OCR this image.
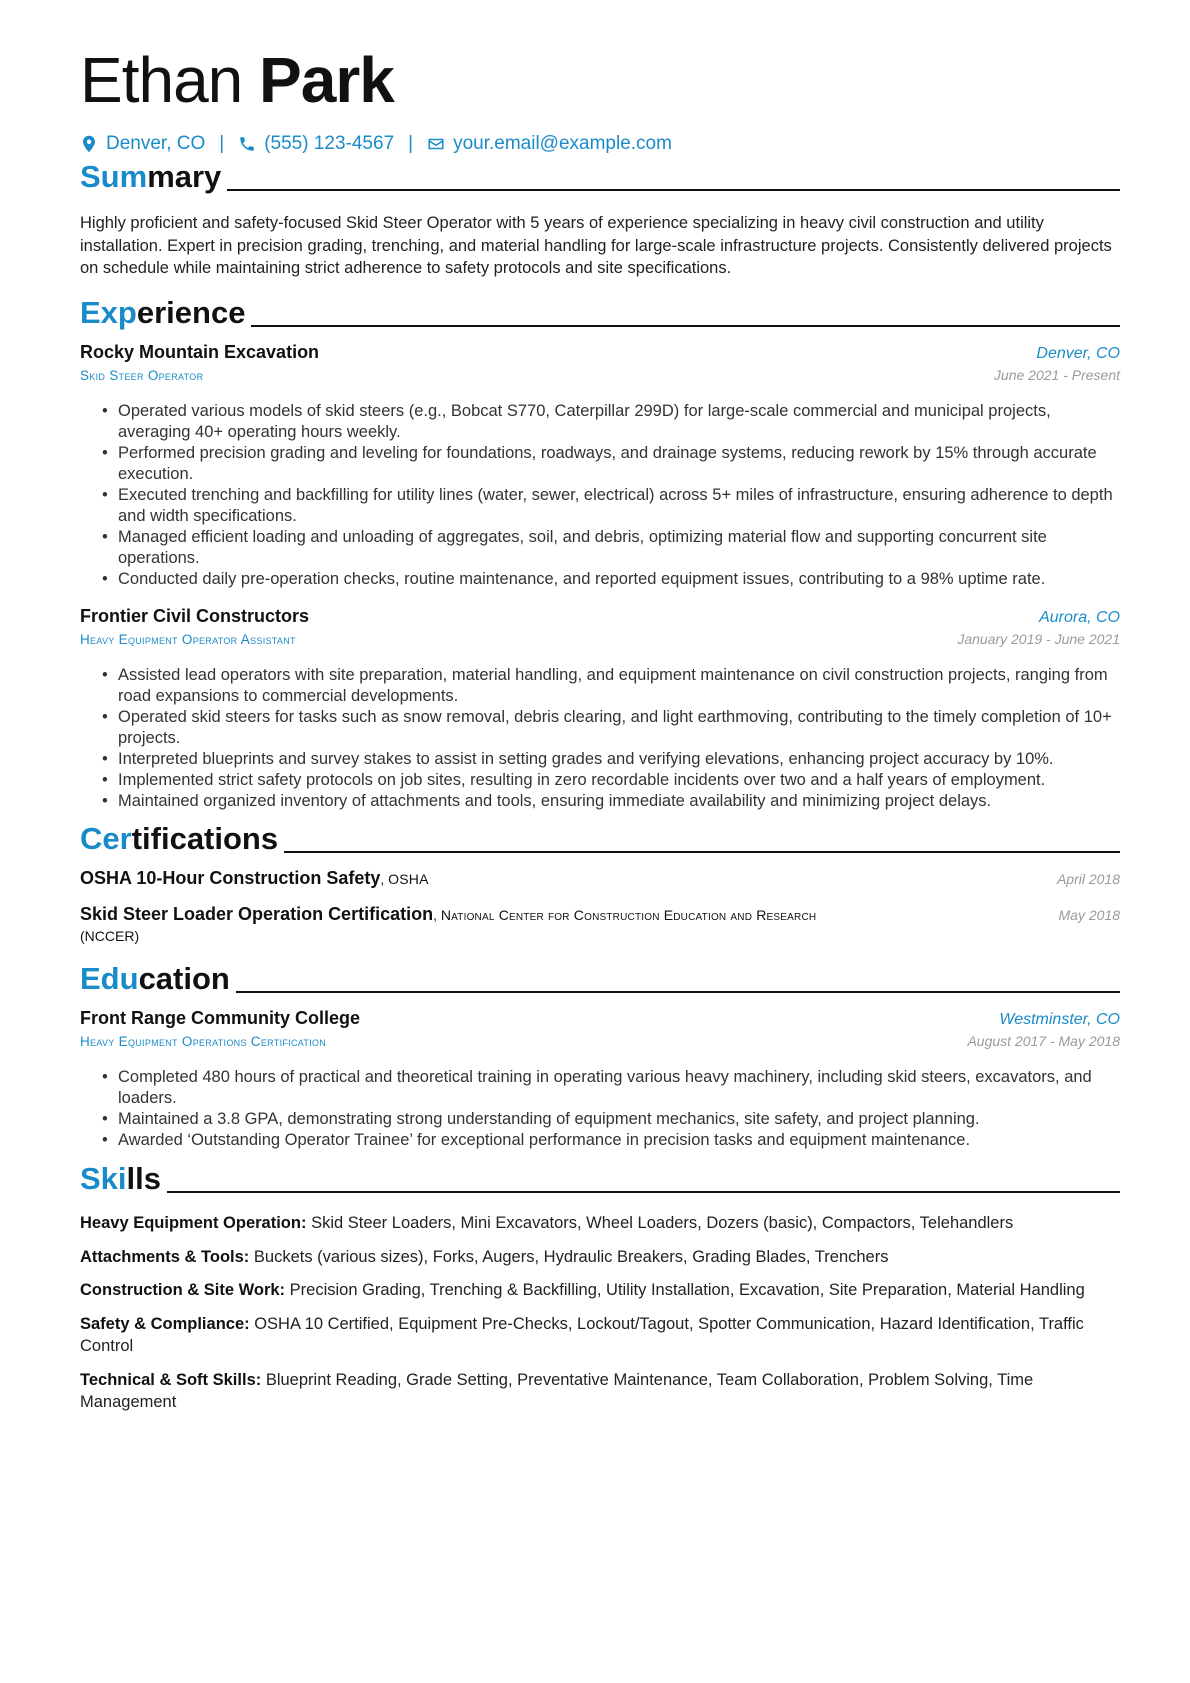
Ethan Park
Denver, CO | (555) 123-4567 | your.email@example.com
Summary
Highly proficient and safety-focused Skid Steer Operator with 5 years of experience specializing in heavy civil construction and utility installation. Expert in precision grading, trenching, and material handling for large-scale infrastructure projects. Consistently delivered projects on schedule while maintaining strict adherence to safety protocols and site specifications.
Experience
Rocky Mountain Excavation	Denver, CO
Skid Steer Operator	June 2021 - Present
• Operated various models of skid steers (e.g., Bobcat S770, Caterpillar 299D) for large-scale commercial and municipal projects, averaging 40+ operating hours weekly.
• Performed precision grading and leveling for foundations, roadways, and drainage systems, reducing rework by 15% through accurate execution.
• Executed trenching and backfilling for utility lines (water, sewer, electrical) across 5+ miles of infrastructure, ensuring adherence to depth and width specifications.
• Managed efficient loading and unloading of aggregates, soil, and debris, optimizing material flow and supporting concurrent site operations.
• Conducted daily pre-operation checks, routine maintenance, and reported equipment issues, contributing to a 98% uptime rate.
Frontier Civil Constructors	Aurora, CO
Heavy Equipment Operator Assistant	January 2019 - June 2021
• Assisted lead operators with site preparation, material handling, and equipment maintenance on civil construction projects, ranging from road expansions to commercial developments.
• Operated skid steers for tasks such as snow removal, debris clearing, and light earthmoving, contributing to the timely completion of 10+ projects.
• Interpreted blueprints and survey stakes to assist in setting grades and verifying elevations, enhancing project accuracy by 10%.
• Implemented strict safety protocols on job sites, resulting in zero recordable incidents over two and a half years of employment.
• Maintained organized inventory of attachments and tools, ensuring immediate availability and minimizing project delays.
Certifications
OSHA 10-Hour Construction Safety, OSHA	April 2018
Skid Steer Loader Operation Certification, National Center for Construction Education and Research	May 2018
(NCCER)
Education
Front Range Community College	Westminster, CO
Heavy Equipment Operations Certification	August 2017 - May 2018
• Completed 480 hours of practical and theoretical training in operating various heavy machinery, including skid steers, excavators, and loaders.
• Maintained a 3.8 GPA, demonstrating strong understanding of equipment mechanics, site safety, and project planning.
• Awarded ‘Outstanding Operator Trainee’ for exceptional performance in precision tasks and equipment maintenance.
Skills
Heavy Equipment Operation: Skid Steer Loaders, Mini Excavators, Wheel Loaders, Dozers (basic), Compactors, Telehandlers
Attachments & Tools: Buckets (various sizes), Forks, Augers, Hydraulic Breakers, Grading Blades, Trenchers
Construction & Site Work: Precision Grading, Trenching & Backfilling, Utility Installation, Excavation, Site Preparation, Material Handling
Safety & Compliance: OSHA 10 Certified, Equipment Pre-Checks, Lockout/Tagout, Spotter Communication, Hazard Identification, Traffic Control
Technical & Soft Skills: Blueprint Reading, Grade Setting, Preventative Maintenance, Team Collaboration, Problem Solving, Time Management
